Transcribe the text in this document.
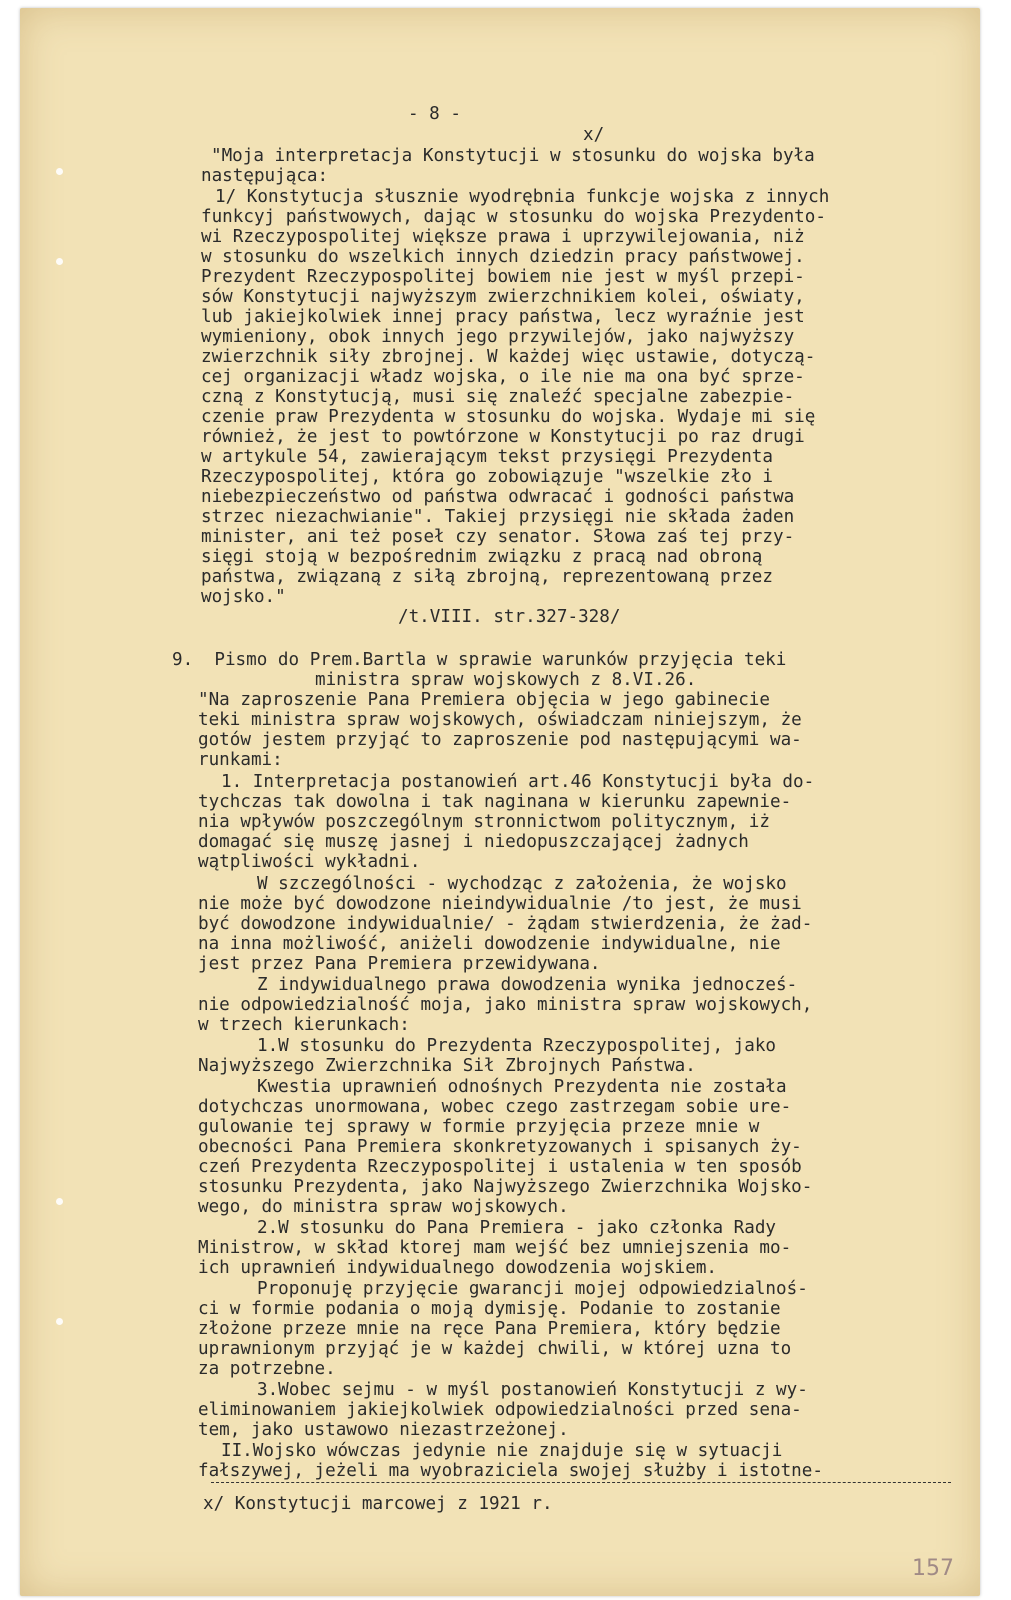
- 8 -
x/
"Moja interpretacja Konstytucji w stosunku do wojska była
następująca:
1/ Konstytucja słusznie wyodrębnia funkcje wojska z innych
funkcyj państwowych, dając w stosunku do wojska Prezydento-
wi Rzeczypospolitej większe prawa i uprzywilejowania, niż
w stosunku do wszelkich innych dziedzin pracy państwowej.
Prezydent Rzeczypospolitej bowiem nie jest w myśl przepi-
sów Konstytucji najwyższym zwierzchnikiem kolei, oświaty,
lub jakiejkolwiek innej pracy państwa, lecz wyraźnie jest
wymieniony, obok innych jego przywilejów, jako najwyższy
zwierzchnik siły zbrojnej. W każdej więc ustawie, dotyczą-
cej organizacji władz wojska, o ile nie ma ona być sprze-
czną z Konstytucją, musi się znaleźć specjalne zabezpie-
czenie praw Prezydenta w stosunku do wojska. Wydaje mi się
również, że jest to powtórzone w Konstytucji po raz drugi
w artykule 54, zawierającym tekst przysięgi Prezydenta
Rzeczypospolitej, która go zobowiązuje "wszelkie zło i
niebezpieczeństwo od państwa odwracać i godności państwa
strzec niezachwianie". Takiej przysięgi nie składa żaden
minister, ani też poseł czy senator. Słowa zaś tej przy-
sięgi stoją w bezpośrednim związku z pracą nad obroną
państwa, związaną z siłą zbrojną, reprezentowaną przez
wojsko."
/t.VIII. str.327-328/
9.  Pismo do Prem.Bartla w sprawie warunków przyjęcia teki
ministra spraw wojskowych z 8.VI.26.
"Na zaproszenie Pana Premiera objęcia w jego gabinecie
teki ministra spraw wojskowych, oświadczam niniejszym, że
gotów jestem przyjąć to zaproszenie pod następującymi wa-
runkami:
1. Interpretacja postanowień art.46 Konstytucji była do-
tychczas tak dowolna i tak naginana w kierunku zapewnie-
nia wpływów poszczególnym stronnictwom politycznym, iż
domagać się muszę jasnej i niedopuszczającej żadnych
wątpliwości wykładni.
W szczególności - wychodząc z założenia, że wojsko
nie może być dowodzone nieindywidualnie /to jest, że musi
być dowodzone indywidualnie/ - żądam stwierdzenia, że żad-
na inna możliwość, aniżeli dowodzenie indywidualne, nie
jest przez Pana Premiera przewidywana.
Z indywidualnego prawa dowodzenia wynika jednocześ-
nie odpowiedzialność moja, jako ministra spraw wojskowych,
w trzech kierunkach:
1.W stosunku do Prezydenta Rzeczypospolitej, jako
Najwyższego Zwierzchnika Sił Zbrojnych Państwa.
Kwestia uprawnień odnośnych Prezydenta nie została
dotychczas unormowana, wobec czego zastrzegam sobie ure-
gulowanie tej sprawy w formie przyjęcia przeze mnie w
obecności Pana Premiera skonkretyzowanych i spisanych ży-
czeń Prezydenta Rzeczypospolitej i ustalenia w ten sposób
stosunku Prezydenta, jako Najwyższego Zwierzchnika Wojsko-
wego, do ministra spraw wojskowych.
2.W stosunku do Pana Premiera - jako członka Rady
Ministrow, w skład ktorej mam wejść bez umniejszenia mo-
ich uprawnień indywidualnego dowodzenia wojskiem.
Proponuję przyjęcie gwarancji mojej odpowiedzialnoś-
ci w formie podania o moją dymisję. Podanie to zostanie
złożone przeze mnie na ręce Pana Premiera, który będzie
uprawnionym przyjąć je w każdej chwili, w której uzna to
za potrzebne.
3.Wobec sejmu - w myśl postanowień Konstytucji z wy-
eliminowaniem jakiejkolwiek odpowiedzialności przed sena-
tem, jako ustawowo niezastrzeżonej.
II.Wojsko wówczas jedynie nie znajduje się w sytuacji
fałszywej, jeżeli ma wyobraziciela swojej służby i istotne-
x/ Konstytucji marcowej z 1921 r.
157
